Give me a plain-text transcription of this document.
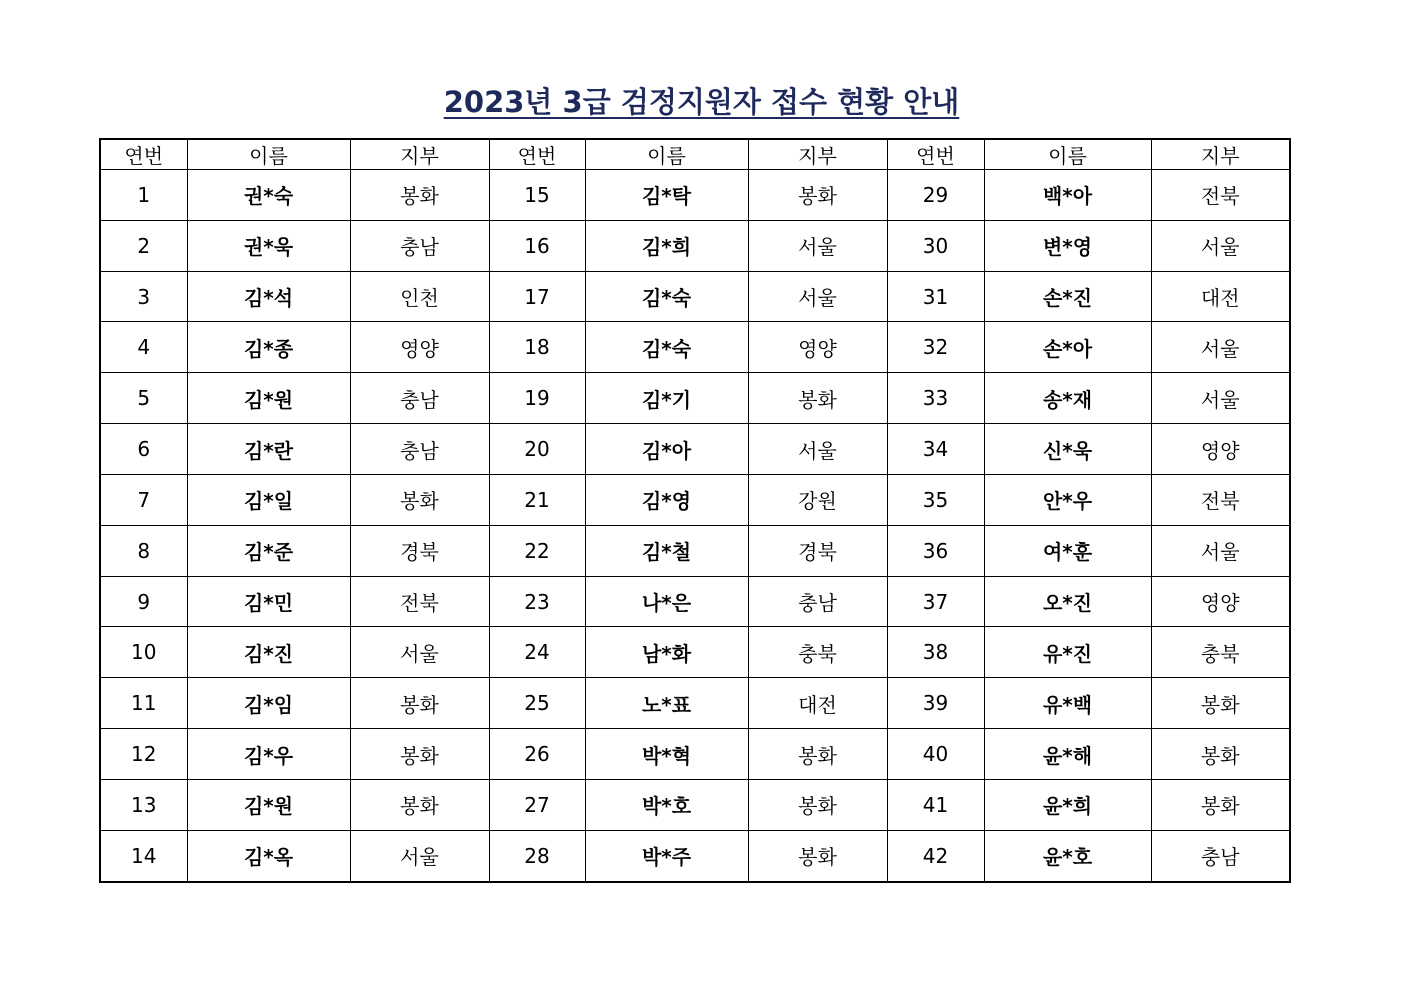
2023년 3급 검정지원자 접수 현황 안내
연번	이름	지부	연번	이름	지부	연번	이름	지부
1	권*숙	봉화	15	김*탁	봉화	29	백*아	전북
2	권*욱	충남	16	김*희	서울	30	변*영	서울
3	김*석	인천	17	김*숙	서울	31	손*진	대전
4	김*종	영양	18	김*숙	영양	32	손*아	서울
5	김*원	충남	19	김*기	봉화	33	송*재	서울
6	김*란	충남	20	김*아	서울	34	신*욱	영양
7	김*일	봉화	21	김*영	강원	35	안*우	전북
8	김*준	경북	22	김*철	경북	36	여*훈	서울
9	김*민	전북	23	나*은	충남	37	오*진	영양
10	김*진	서울	24	남*화	충북	38	유*진	충북
11	김*임	봉화	25	노*표	대전	39	유*백	봉화
12	김*우	봉화	26	박*혁	봉화	40	윤*해	봉화
13	김*원	봉화	27	박*호	봉화	41	윤*희	봉화
14	김*옥	서울	28	박*주	봉화	42	윤*호	충남
